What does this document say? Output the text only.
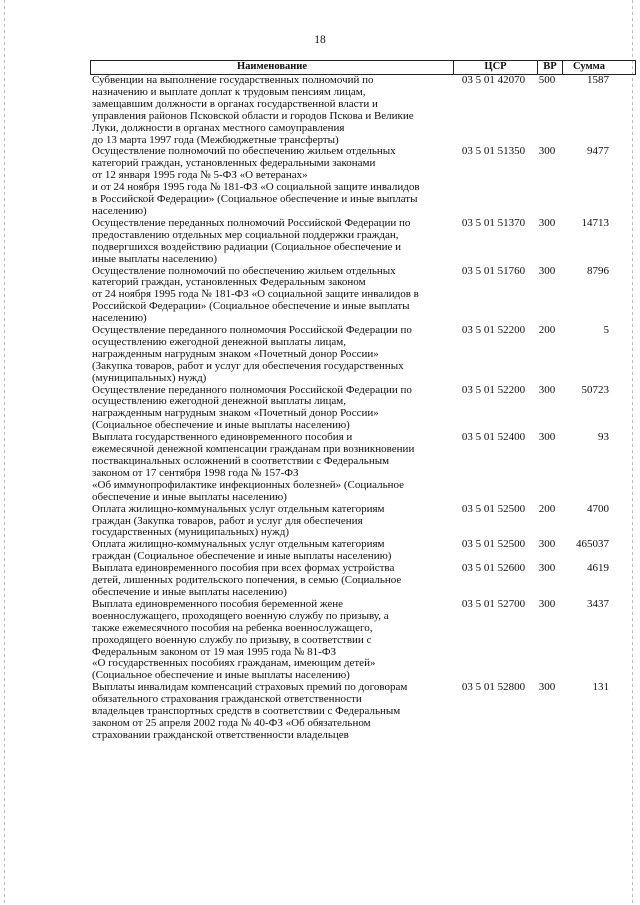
18
Наименование	ЦСР	ВР	Сумма
Субвенции на выполнение государственных полномочий по
назначению и выплате доплат к трудовым пенсиям лицам,
замещавшим должности в органах государственной власти и
управления районов Псковской области и городов Пскова и Великие
Луки, должности в органах местного самоуправления
до 13 марта 1997 года (Межбюджетные трансферты)
03 5 01 42070	500	1587
Осуществление полномочий по обеспечению жильем отдельных
категорий граждан, установленных федеральными законами
от 12 января 1995 года № 5-ФЗ «О ветеранах»
и от 24 ноября 1995 года № 181-ФЗ «О социальной защите инвалидов
в Российской Федерации» (Социальное обеспечение и иные выплаты
населению)
03 5 01 51350	300	9477
Осуществление переданных полномочий Российской Федерации по
предоставлению отдельных мер социальной поддержки граждан,
подвергшихся воздействию радиации (Социальное обеспечение и
иные выплаты населению)
03 5 01 51370	300	14713
Осуществление полномочий по обеспечению жильем отдельных
категорий граждан, установленных Федеральным законом
от 24 ноября 1995 года № 181-ФЗ «О социальной защите инвалидов в
Российской Федерации» (Социальное обеспечение и иные выплаты
населению)
03 5 01 51760	300	8796
Осуществление переданного полномочия Российской Федерации по
осуществлению ежегодной денежной выплаты лицам,
награжденным нагрудным знаком «Почетный донор России»
(Закупка товаров, работ и услуг для обеспечения государственных
(муниципальных) нужд)
03 5 01 52200	200	5
Осуществление переданного полномочия Российской Федерации по
осуществлению ежегодной денежной выплаты лицам,
награжденным нагрудным знаком «Почетный донор России»
(Социальное обеспечение и иные выплаты населению)
03 5 01 52200	300	50723
Выплата государственного единовременного пособия и
ежемесячной денежной компенсации гражданам при возникновении
поствакцинальных осложнений в соответствии с Федеральным
законом от 17 сентября 1998 года № 157-ФЗ
«Об иммунопрофилактике инфекционных болезней» (Социальное
обеспечение и иные выплаты населению)
03 5 01 52400	300	93
Оплата жилищно-коммунальных услуг отдельным категориям
граждан (Закупка товаров, работ и услуг для обеспечения
государственных (муниципальных) нужд)
03 5 01 52500	200	4700
Оплата жилищно-коммунальных услуг отдельным категориям
граждан (Социальное обеспечение и иные выплаты населению)
03 5 01 52500	300	465037
Выплата единовременного пособия при всех формах устройства
детей, лишенных родительского попечения, в семью (Социальное
обеспечение и иные выплаты населению)
03 5 01 52600	300	4619
Выплата единовременного пособия беременной жене
военнослужащего, проходящего военную службу по призыву, а
также ежемесячного пособия на ребенка военнослужащего,
проходящего военную службу по призыву, в соответствии с
Федеральным законом от 19 мая 1995 года № 81-ФЗ
«О государственных пособиях гражданам, имеющим детей»
(Социальное обеспечение и иные выплаты населению)
03 5 01 52700	300	3437
Выплаты инвалидам компенсаций страховых премий по договорам
обязательного страхования гражданской ответственности
владельцев транспортных средств в соответствии с Федеральным
законом от 25 апреля 2002 года № 40-ФЗ «Об обязательном
страховании гражданской ответственности владельцев
03 5 01 52800	300	131
